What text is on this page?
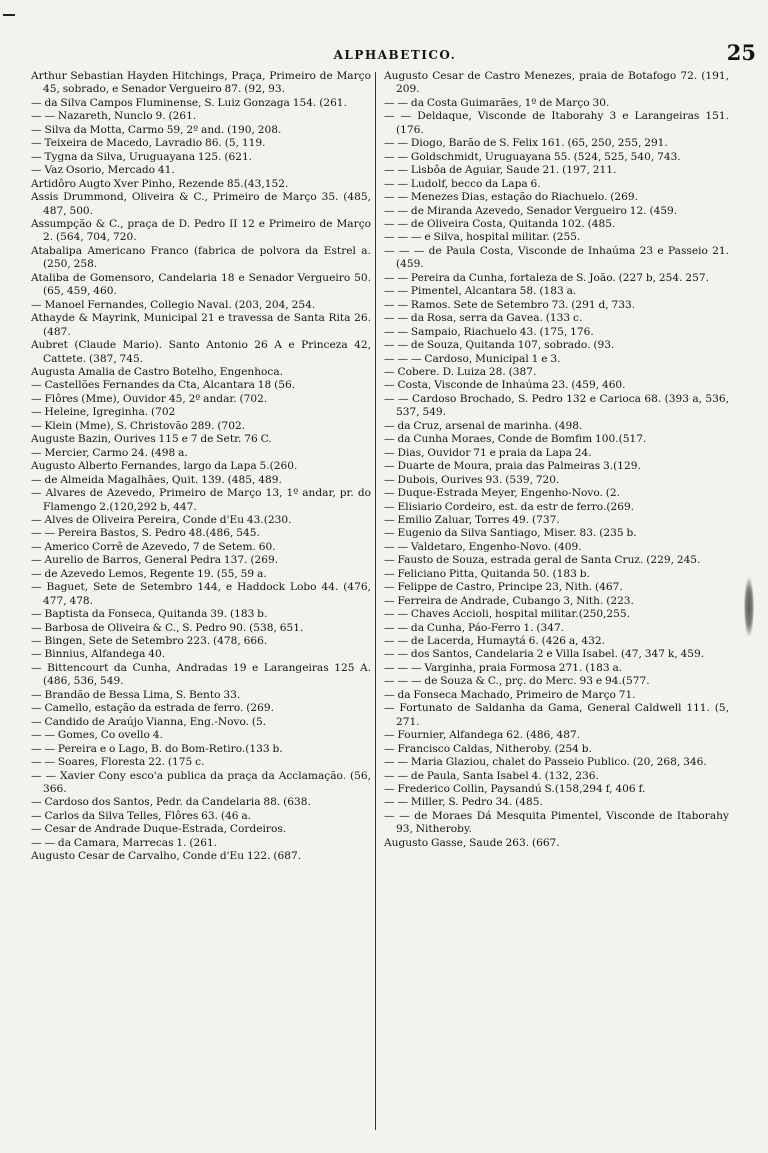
ALPHABETICO.	25

Arthur Sebastian Hayden Hitchings, Praça, Primeiro de Março 45, sobrado, e Senador Vergueiro 87. (92, 93.

— da Silva Campos Fluminense, S. Luiz Gonzaga 154. (261.

— — Nazareth, Nunclo 9. (261.

— Silva da Motta, Carmo 59, 2º and. (190, 208.

— Teixeira de Macedo, Lavradio 86. (5, 119.

— Tygna da Silva, Uruguayana 125. (621.

— Vaz Osorio, Mercado 41.

Artidôro Augto Xver Pinho, Rezende 85.(43,152.

Assis Drummond, Oliveira & C., Primeiro de Março 35. (485, 487, 500.

Assumpção & C., praça de D. Pedro II 12 e Primeiro de Março 2. (564, 704, 720.

Atabalipa Americano Franco (fabrica de polvora da Estrel a. (250, 258.

Ataliba de Gomensoro, Candelaria 18 e Senador Vergueiro 50. (65, 459, 460.

— Manoel Fernandes, Collegio Naval. (203, 204, 254.

Athayde & Mayrink, Municipal 21 e travessa de Santa Rita 26. (487.

Aubret (Claude Mario). Santo Antonio 26 A e Princeza 42, Cattete. (387, 745.

Augusta Amalia de Castro Botelho, Engenhoca.

— Castellões Fernandes da Cta, Alcantara 18 (56.

— Flôres (Mme), Ouvidor 45, 2º andar. (702.

— Heleine, Igreginha. (702

— Klein (Mme), S. Christovão 289. (702.

Auguste Bazin, Ourives 115 e 7 de Setr. 76 C.

— Mercier, Carmo 24. (498 a.

Augusto Alberto Fernandes, largo da Lapa 5.(260.

— de Almeida Magalhães, Quit. 139. (485, 489.

— Alvares de Azevedo, Primeiro de Março 13, 1º andar, pr. do Flamengo 2.(120,292 b, 447.

— Alves de Oliveira Pereira, Conde d'Eu 43.(230.

— — Pereira Bastos, S. Pedro 48.(486, 545.

— Americo Corrê de Azevedo, 7 de Setem. 60.

— Aurelio de Barros, General Pedra 137. (269.

— de Azevedo Lemos, Regente 19. (55, 59 a.

— Baguet, Sete de Setembro 144, e Haddock Lobo 44. (476, 477, 478.

— Baptista da Fonseca, Quitanda 39. (183 b.

— Barbosa de Oliveira & C., S. Pedro 90. (538, 651.

— Bingen, Sete de Setembro 223. (478, 666.

— Binnius, Alfandega 40.

— Bittencourt da Cunha, Andradas 19 e Larangeiras 125 A. (486, 536, 549.

— Brandão de Bessa Lima, S. Bento 33.

— Camello, estação da estrada de ferro. (269.

— Candido de Araújo Vianna, Eng.-Novo. (5.

— — Gomes, Co ovello 4.

— — Pereira e o Lago, B. do Bom-Retiro.(133 b.

— — Soares, Floresta 22. (175 c.

— — Xavier Cony esco'a publica da praça da Acclamação. (56, 366.

— Cardoso dos Santos, Pedr. da Candelaria 88. (638.

— Carlos da Silva Telles, Flôres 63. (46 a.

— Cesar de Andrade Duque-Estrada, Cordeiros.

— — da Camara, Marrecas 1. (261.

Augusto Cesar de Carvalho, Conde d'Eu 122. (687.

Augusto Cesar de Castro Menezes, praia de Botafogo 72. (191, 209.

— — da Costa Guimarães, 1º de Março 30.

— — Deldaque, Visconde de Itaborahy 3 e Larangeiras 151. (176.

— — Diogo, Barão de S. Felix 161. (65, 250, 255, 291.

— — Goldschmidt, Uruguayana 55. (524, 525, 540, 743.

— — Lisbôa de Aguiar, Saude 21. (197, 211.

— — Ludolf, becco da Lapa 6.

— — Menezes Dias, estação do Riachuelo. (269.

— — de Miranda Azevedo, Senador Vergueiro 12. (459.

— — de Oliveira Costa, Quitanda 102. (485.

— — — e Silva, hospital militar. (255.

— — — de Paula Costa, Visconde de Inhaúma 23 e Passeio 21. (459.

— — Pereira da Cunha, fortaleza de S. João. (227 b, 254. 257.

— — Pimentel, Alcantara 58. (183 a.

— — Ramos. Sete de Setembro 73. (291 d, 733.

— — da Rosa, serra da Gavea. (133 c.

— — Sampaio, Riachuelo 43. (175, 176.

— — de Souza, Quitanda 107, sobrado. (93.

— — — Cardoso, Municipal 1 e 3.

— Cobere. D. Luiza 28. (387.

— Costa, Visconde de Inhaúma 23. (459, 460.

— — Cardoso Brochado, S. Pedro 132 e Carioca 68. (393 a, 536, 537, 549.

— da Cruz, arsenal de marinha. (498.

— da Cunha Moraes, Conde de Bomfim 100.(517.

— Dias, Ouvidor 71 e praia da Lapa 24.

— Duarte de Moura, praia das Palmeiras 3.(129.

— Dubois, Ourives 93. (539, 720.

— Duque-Estrada Meyer, Engenho-Novo. (2.

— Elisiario Cordeiro, est. da estr de ferro.(269.

— Emilio Zaluar, Torres 49. (737.

— Eugenio da Silva Santiago, Miser. 83. (235 b.

— — Valdetaro, Engenho-Novo. (409.

— Fausto de Souza, estrada geral de Santa Cruz. (229, 245.

— Feliciano Pitta, Quitanda 50. (183 b.

— Felippe de Castro, Principe 23, Nith. (467.

— Ferreira de Andrade, Cubango 3, Nith. (223.

— — Chaves Accioli, hospital militar.(250,255.

— — da Cunha, Páo-Ferro 1. (347.

— — de Lacerda, Humaytá 6. (426 a, 432.

— — dos Santos, Candelaria 2 e Villa Isabel. (47, 347 k, 459.

— — — Varginha, praia Formosa 271. (183 a.

— — — de Souza & C., prç. do Merc. 93 e 94.(577.

— da Fonseca Machado, Primeiro de Março 71.

— Fortunato de Saldanha da Gama, General Caldwell 111. (5, 271.

— Fournier, Alfandega 62. (486, 487.

— Francisco Caldas, Nitheroby. (254 b.

— — Maria Glaziou, chalet do Passeio Publico. (20, 268, 346.

— — de Paula, Santa Isabel 4. (132, 236.

— Frederico Collin, Paysandú S.(158,294 f, 406 f.

— — Miller, S. Pedro 34. (485.

— — de Moraes Dá Mesquita Pimentel, Visconde de Itaborahy 93, Nitheroby.

Augusto Gasse, Saude 263. (667.
